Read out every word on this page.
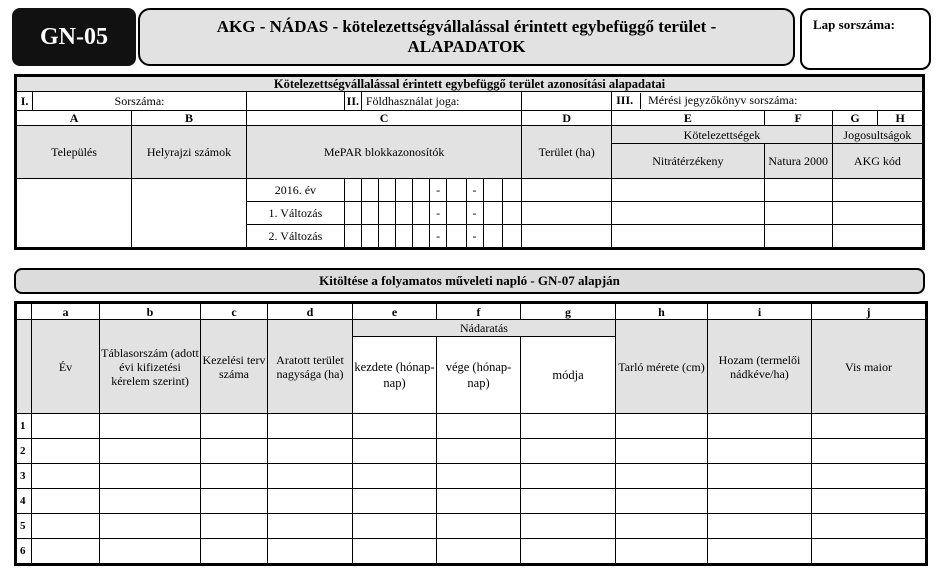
GN-05	AKG - NÁDAS - kötelezettségvállalással érintett egybefüggő terület -
ALAPADATOK
Lap sorszáma:
Kötelezettségvállalással érintett egybefüggő terület azonosítási alapadatai																		
I.	Sorszáma:			II.	Földhasználat joga:										III. Mérési jegyzőkönyv sorszáma:			
A		B	C											D	E	F	G	H
Település		Helyrajzi számok	MePAR blokkazonosítók											Terület (ha)	Kötelezettségek		Jogosultságok	
															Nitrátérzékeny	Natura 2000	AKG kód	
			2016. év						-		-							
			1. Változás						-		-							
			2. Változás						-		-							
Kitöltése a folyamatos műveleti napló - GN-07 alapján
	a	b	c	d	e	f	g	h	i	j
	Év	Táblasorszám (adott évi kifizetési kérelem szerint)	Kezelési terv száma	Aratott terület nagysága (ha)	Nádaratás			Tarló mérete (cm)	Hozam (termelői nádkéve/ha)	Vis maior
					kezdete (hónap-nap)	vége (hónap- nap)	módja			
1										
2										
3										
4										
5										
6										
